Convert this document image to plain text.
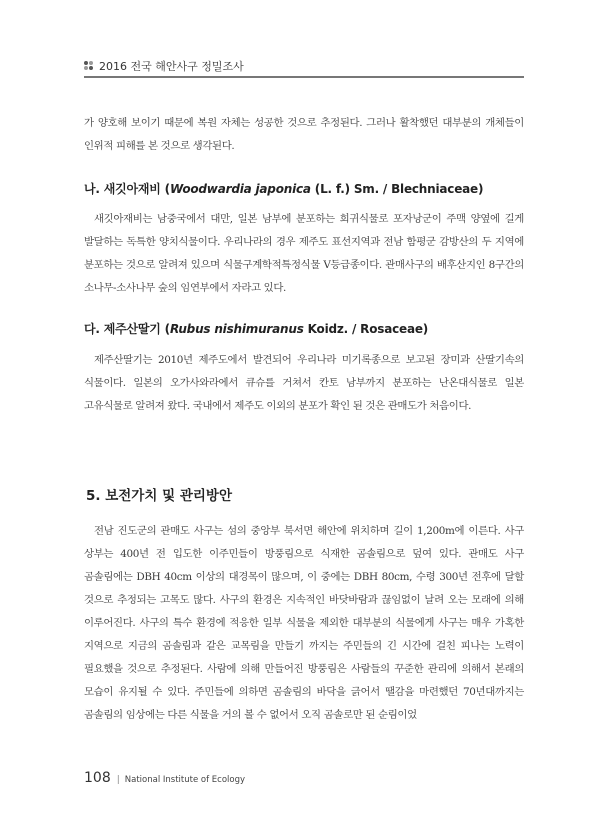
2016 전국 해안사구 정밀조사

가 양호해 보이기 때문에 복원 자체는 성공한 것으로 추정된다. 그러나 활착했던 대부분의 개체들이 인위적 피해를 본 것으로 생각된다.

나. 새깃아재비 (Woodwardia japonica (L. f.) Sm. / Blechniaceae)

새깃아재비는 남중국에서 대만, 일본 남부에 분포하는 희귀식물로 포자낭군이 주맥 양옆에 길게 발달하는 독특한 양치식물이다. 우리나라의 경우 제주도 표선지역과 전남 함평군 감방산의 두 지역에 분포하는 것으로 알려져 있으며 식물구계학적특정식물 V등급종이다. 관매사구의 배후산지인 8구간의 소나무-소사나무 숲의 임연부에서 자라고 있다.

다. 제주산딸기 (Rubus nishimuranus Koidz. / Rosaceae)

제주산딸기는 2010년 제주도에서 발견되어 우리나라 미기록종으로 보고된 장미과 산딸기속의 식물이다. 일본의 오가사와라에서 큐슈를 거쳐서 칸토 남부까지 분포하는 난온대식물로 일본 고유식물로 알려져 왔다. 국내에서 제주도 이외의 분포가 확인 된 것은 관매도가 처음이다.

5. 보전가치 및 관리방안

전남 진도군의 관매도 사구는 섬의 중앙부 북서면 해안에 위치하며 길이 1,200m에 이른다. 사구 상부는 400년 전 입도한 이주민들이 방풍림으로 식재한 곰솔림으로 덮여 있다. 관매도 사구 곰솔림에는 DBH 40cm 이상의 대경목이 많으며, 이 중에는 DBH 80cm, 수령 300년 전후에 달할 것으로 추정되는 고목도 많다. 사구의 환경은 지속적인 바닷바람과 끊임없이 날려 오는 모래에 의해 이루어진다. 사구의 특수 환경에 적응한 일부 식물을 제외한 대부분의 식물에게 사구는 매우 가혹한 지역으로 지금의 곰솔림과 같은 교목림을 만들기 까지는 주민들의 긴 시간에 걸친 피나는 노력이 필요했을 것으로 추정된다. 사람에 의해 만들어진 방풍림은 사람들의 꾸준한 관리에 의해서 본래의 모습이 유지될 수 있다. 주민들에 의하면 곰솔림의 바닥을 긁어서 땔감을 마련했던 70년대까지는 곰솔림의 임상에는 다른 식물을 거의 볼 수 없어서 오직 곰솔로만 된 순림이었

108 | National Institute of Ecology
